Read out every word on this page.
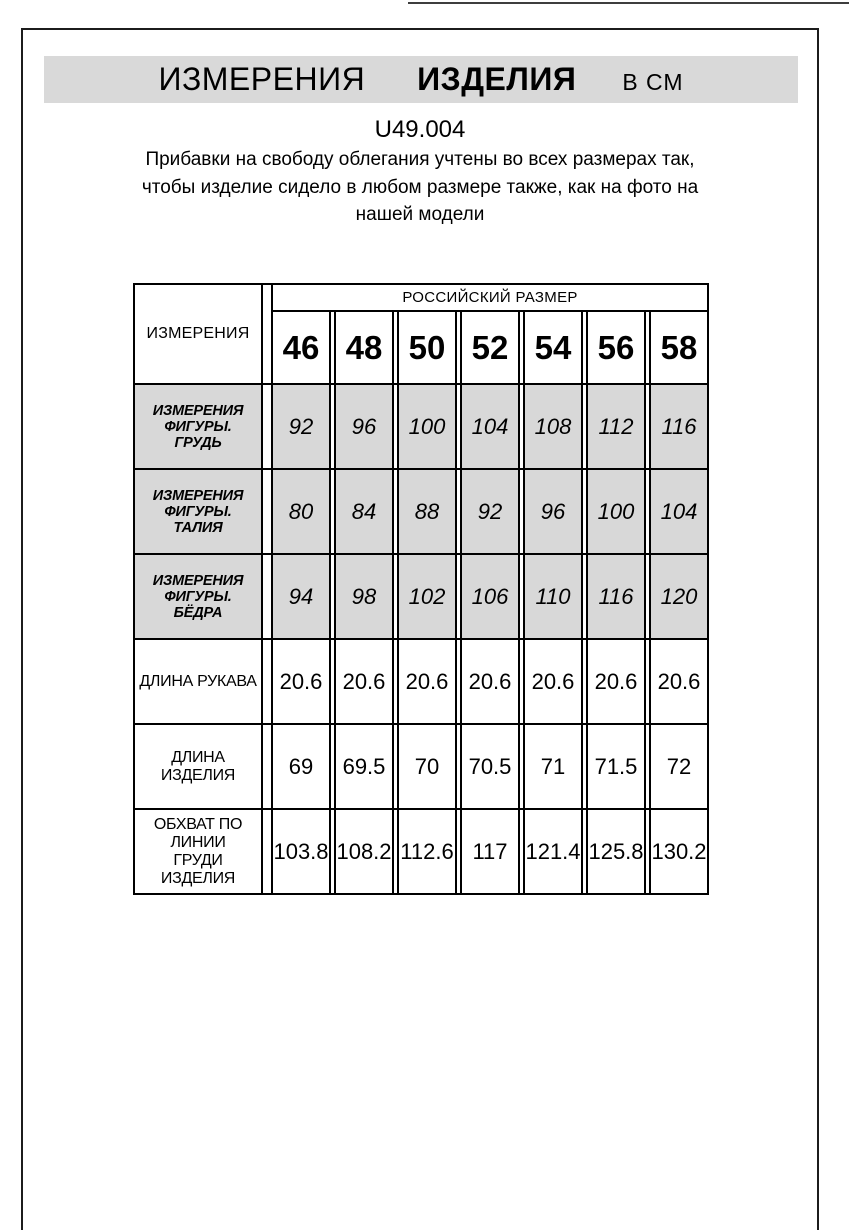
ИЗМЕРЕНИЯ ИЗДЕЛИЯ В СМ
U49.004
Прибавки на свободу облегания учтены во всех размерах так,
чтобы изделие сидело в любом размере также, как на фото на
нашей модели
ИЗМЕРЕНИЯ
РОССИЙСКИЙ РАЗМЕР
46 48 50 52 54 56 58
ИЗМЕРЕНИЯ ФИГУРЫ. ГРУДЬ
92	96	100	104	108	112	116
ИЗМЕРЕНИЯ ФИГУРЫ. ТАЛИЯ
80	84	88	92	96	100	104
ИЗМЕРЕНИЯ ФИГУРЫ. БЁДРА
94	98	102	106	110	116	120
ДЛИНА РУКАВА	20.6 20.6 20.6 20.6 20.6 20.6 20.6
ДЛИНА ИЗДЕЛИЯ	69	69.5	70	70.5	71	71.5	72
ОБХВАТ ПО ЛИНИИ ГРУДИ ИЗДЕЛИЯ
103.8 108.2 112.6 117 121.4 125.8 130.2
